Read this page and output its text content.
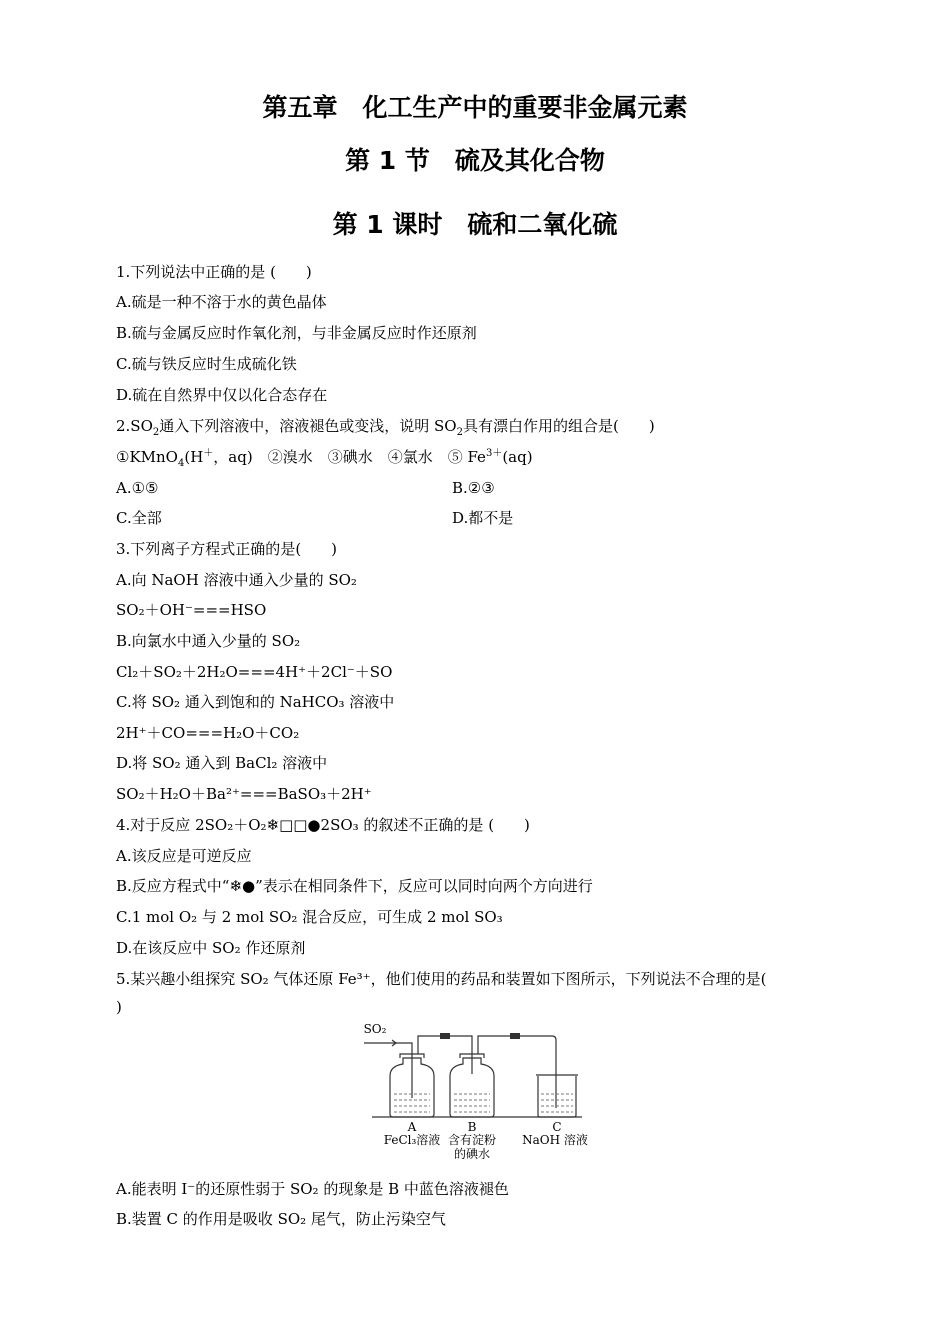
第五章　化工生产中的重要非金属元素
第 1 节　硫及其化合物
第 1 课时　硫和二氧化硫
1.下列说法中正确的是 (　　)
A.硫是一种不溶于水的黄色晶体
B.硫与金属反应时作氧化剂，与非金属反应时作还原剂
C.硫与铁反应时生成硫化铁
D.硫在自然界中仅以化合态存在
$2.SO_2$通入下列溶液中，溶液褪色或变浅，说明 $SO_2$具有漂白作用的组合是(　　)
①KMnO$_4$(H＋，aq)　②溴水　③碘水　④氯水　⑤ $Fe^{3+}(aq)$
A.①⑤	B.②③
C.全部	D.都不是
3.下列离子方程式正确的是(　　)
A.向 NaOH 溶液中通入少量的 SO₂
SO₂＋OH⁻===HSO
B.向氯水中通入少量的 SO₂
Cl₂＋SO₂＋2H₂O===4H⁺＋2Cl⁻＋SO
C.将 SO₂ 通入到饱和的 NaHCO₃ 溶液中
2H⁺＋CO===H₂O＋CO₂
D.将 SO₂ 通入到 BaCl₂ 溶液中
SO₂＋H₂O＋Ba²⁺===BaSO₃＋2H⁺
4.对于反应 2SO₂＋O₂❄□□●2SO₃ 的叙述不正确的是 (　　)
A.该反应是可逆反应
B.反应方程式中“❄●”表示在相同条件下，反应可以同时向两个方向进行
C.1 mol O₂ 与 2 mol SO₂ 混合反应，可生成 2 mol SO₃
D.在该反应中 SO₂ 作还原剂
5.某兴趣小组探究 SO₂ 气体还原 Fe³⁺，他们使用的药品和装置如下图所示，下列说法不合理的是(
)
SO₂
A
FeCl₃溶液
B
含有淀粉
的碘水
C
NaOH 溶液
A.能表明 I⁻的还原性弱于 SO₂ 的现象是 B 中蓝色溶液褪色
B.装置 C 的作用是吸收 SO₂ 尾气，防止污染空气
